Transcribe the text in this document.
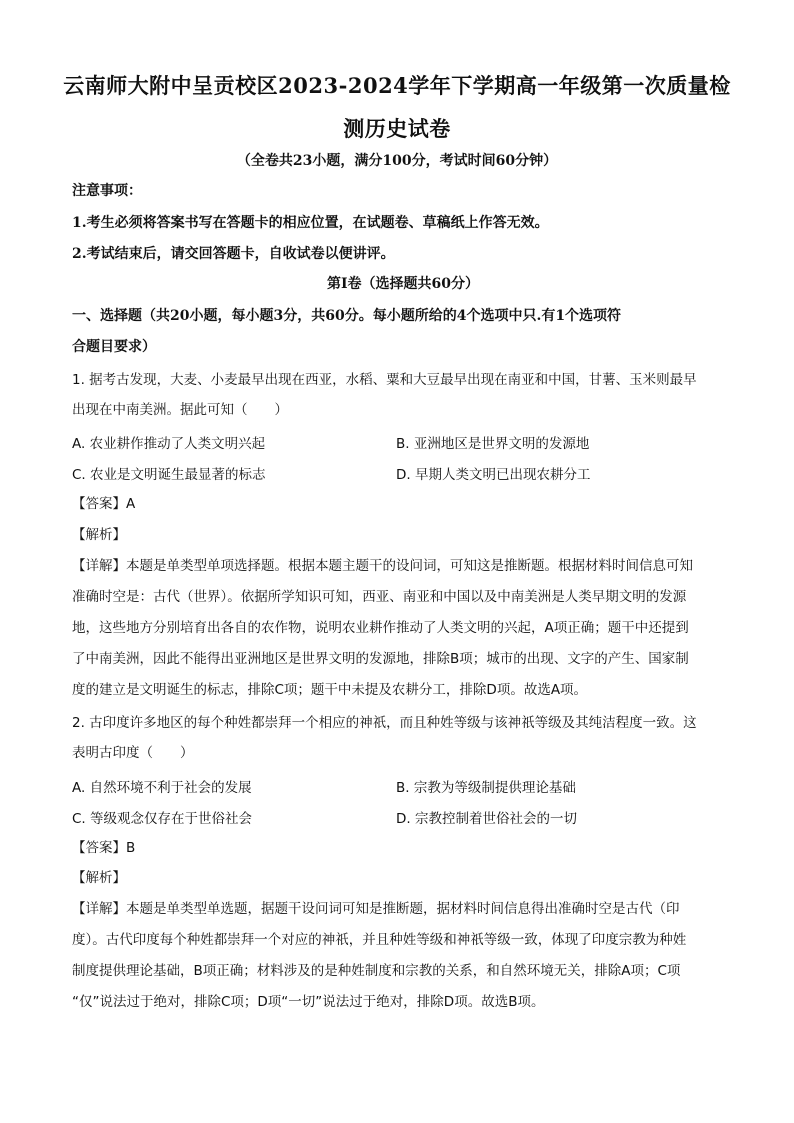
云南师大附中呈贡校区2023-2024学年下学期高一年级第一次质量检
测历史试卷
（全卷共23小题，满分100分，考试时间60分钟）
注意事项：
1.考生必须将答案书写在答题卡的相应位置，在试题卷、草稿纸上作答无效。
2.考试结束后，请交回答题卡，自收试卷以便讲评。
第Ⅰ卷（选择题共60分）
一、选择题（共20小题，每小题3分，共60分。每小题所给的4个选项中只.有1个选项符
合题目要求）
1. 据考古发现，大麦、小麦最早出现在西亚，水稻、粟和大豆最早出现在南亚和中国，甘薯、玉米则最早
出现在中南美洲。据此可知（　　）
A. 农业耕作推动了人类文明兴起	B. 亚洲地区是世界文明的发源地
C. 农业是文明诞生最显著的标志	D. 早期人类文明已出现农耕分工
【答案】A
【解析】
【详解】本题是单类型单项选择题。根据本题主题干的设问词，可知这是推断题。根据材料时间信息可知
准确时空是：古代（世界）。依据所学知识可知，西亚、南亚和中国以及中南美洲是人类早期文明的发源
地，这些地方分别培育出各自的农作物，说明农业耕作推动了人类文明的兴起，A项正确；题干中还提到
了中南美洲，因此不能得出亚洲地区是世界文明的发源地，排除B项；城市的出现、文字的产生、国家制
度的建立是文明诞生的标志，排除C项；题干中未提及农耕分工，排除D项。故选A项。
2. 古印度许多地区的每个种姓都崇拜一个相应的神祇，而且种姓等级与该神祇等级及其纯洁程度一致。这
表明古印度（　　）
A. 自然环境不利于社会的发展	B. 宗教为等级制提供理论基础
C. 等级观念仅存在于世俗社会	D. 宗教控制着世俗社会的一切
【答案】B
【解析】
【详解】本题是单类型单选题，据题干设问词可知是推断题，据材料时间信息得出准确时空是古代（印
度）。古代印度每个种姓都崇拜一个对应的神祇，并且种姓等级和神祇等级一致，体现了印度宗教为种姓
制度提供理论基础，B项正确；材料涉及的是种姓制度和宗教的关系，和自然环境无关，排除A项；C项
“仅”说法过于绝对，排除C项；D项“一切”说法过于绝对，排除D项。故选B项。
